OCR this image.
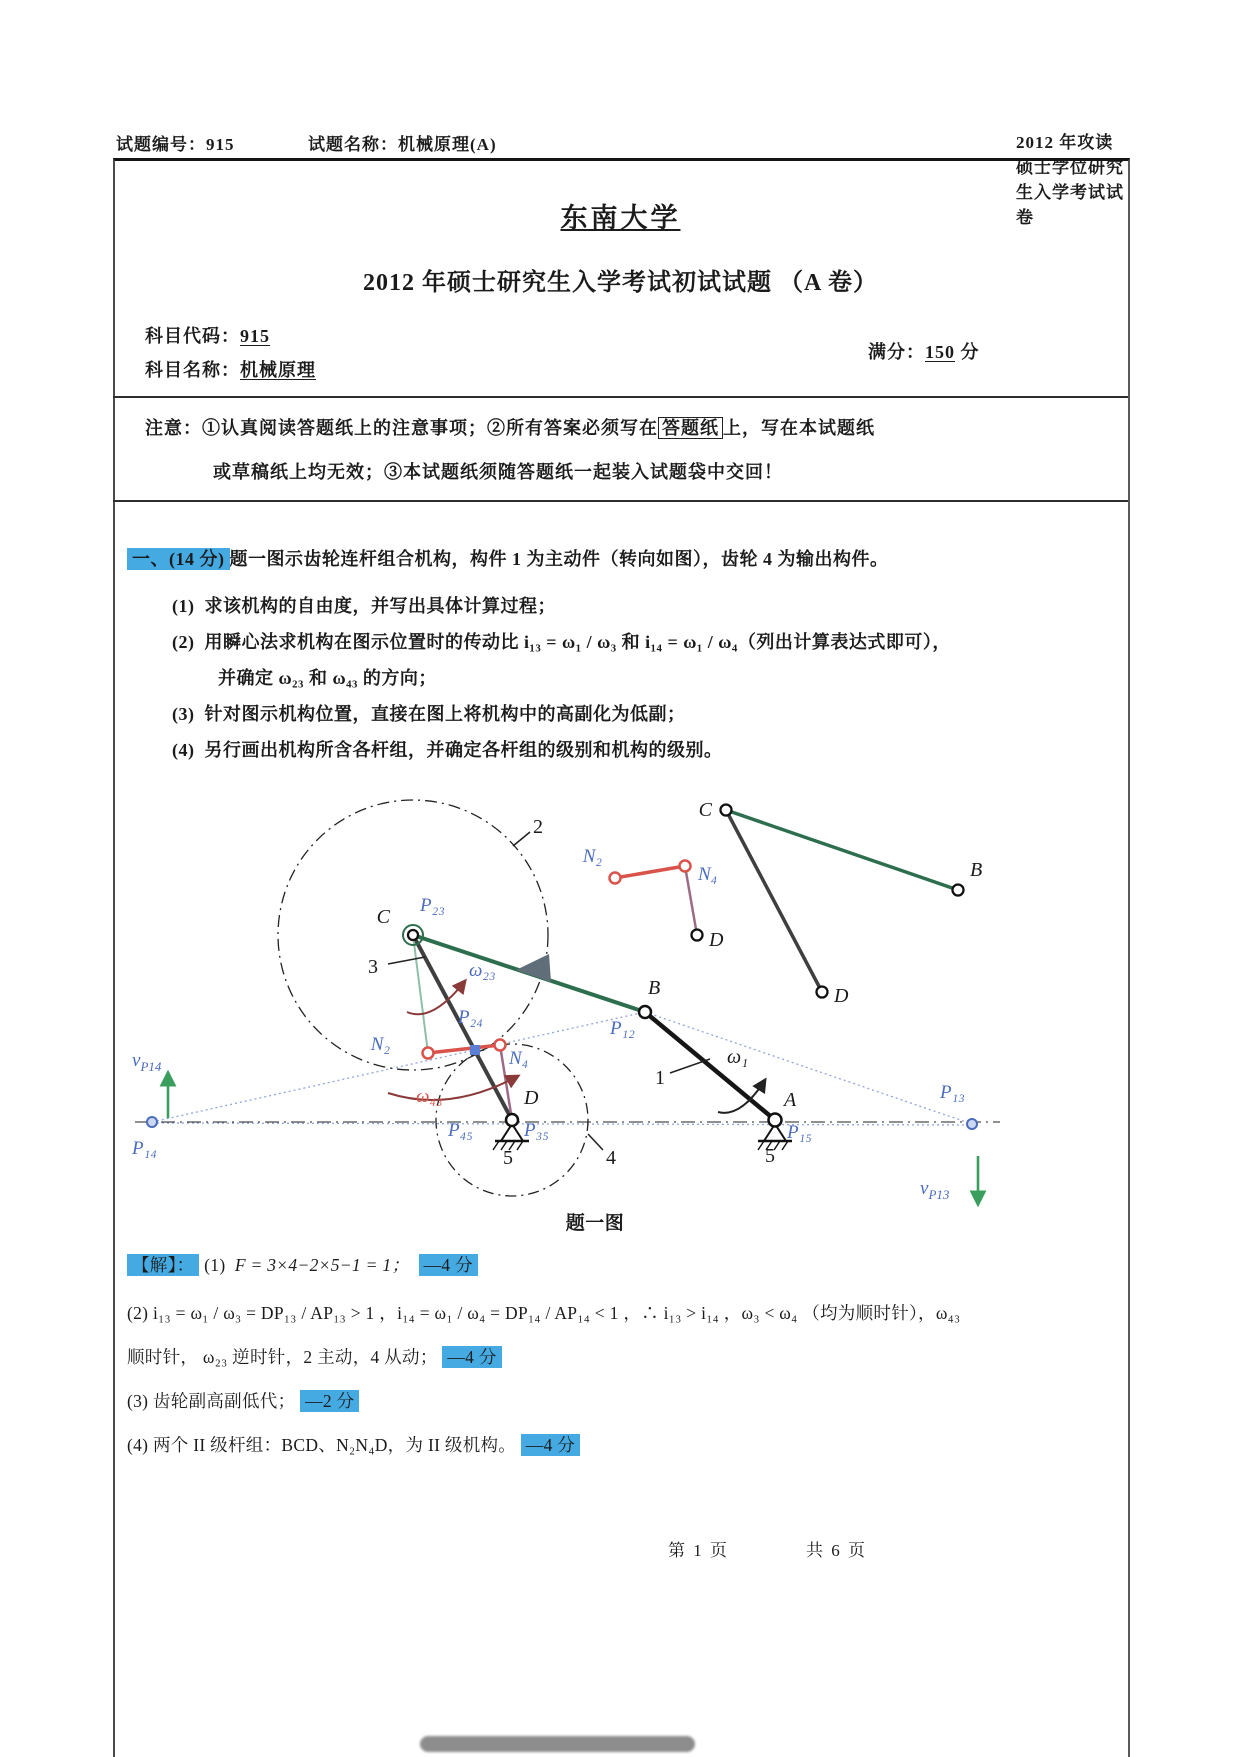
试题编号：915	试题名称：机械原理(A)	2012 年攻读硕士学位研究生入学考试试卷
东南大学
2012 年硕士研究生入学考试初试试题 （A 卷）
科目代码：915
满分：150 分
科目名称：机械原理
注意：①认真阅读答题纸上的注意事项；②所有答案必须写在 答题纸 上，写在本试题纸
或草稿纸上均无效；③本试题纸须随答题纸一起装入试题袋中交回！
一、(14 分) 题一图示齿轮连杆组合机构，构件 1 为主动件（转向如图），齿轮 4 为输出构件。
(1) 求该机构的自由度，并写出具体计算过程；
(2) 用瞬心法求机构在图示位置时的传动比 i₁₃ = ω₁ / ω₃ 和 i₁₄ = ω₁ / ω₄（列出计算表达式即可），
并确定 ω₂₃ 和 ω₄₃ 的方向；
(3) 针对图示机构位置，直接在图上将机构中的高副化为低副；
(4) 另行画出机构所含各杆组，并确定各杆组的级别和机构的级别。
C
P₂₃
2
3	ω₂₃
N₂
P₂₄
N₄
ω₄₃	D
P₄₅	P₃₅
5	4
B
P₁₂
1
ω₁
A
P₁₅
5
P₁₃
P₁₄
$v_{P13}$
$v_{P14}$
C
B
D
N₂
N₄
D
题一图
【解】： (1) F = 3×4−2×5−1 = 1； —4 分
(2) i₁₃ = ω₁ / ω₃ = DP₁₃ / AP₁₃ > 1 ，i₁₄ = ω₁ / ω₄ = DP₁₄ / AP₁₄ < 1 ，∴ i₁₃ > i₁₄ ，ω₃ < ω₄ （均为顺时针），ω₄₃
顺时针， ω₂₃ 逆时针，2 主动，4 从动； —4 分
(3) 齿轮副高副低代； —2 分
(4) 两个 II 级杆组：BCD、N₂N₄D，为 II 级机构。 —4 分
第 1 页	共 6 页
